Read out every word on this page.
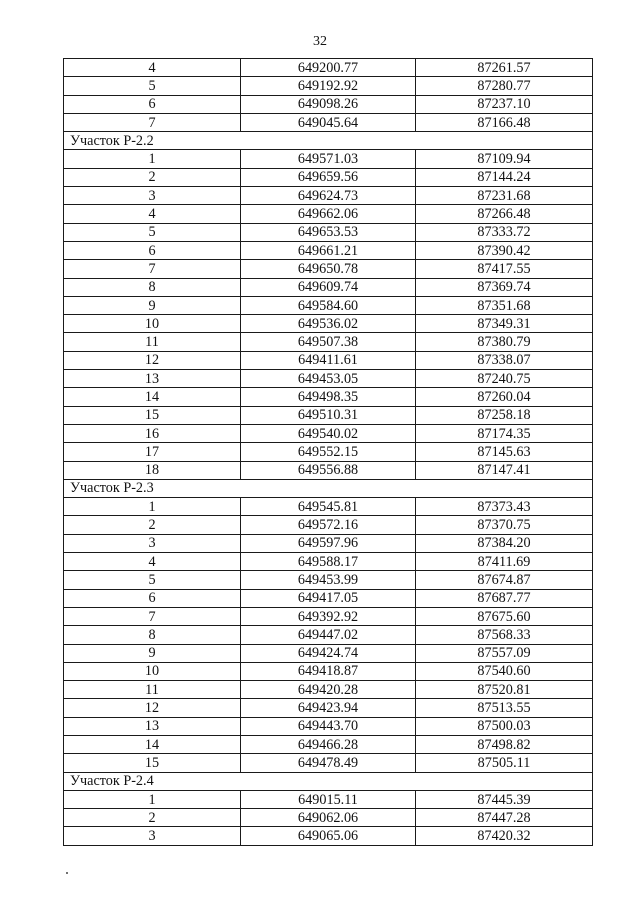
32
4	649200.77	87261.57
5	649192.92	87280.77
6	649098.26	87237.10
7	649045.64	87166.48
Участок Р-2.2		
1	649571.03	87109.94
2	649659.56	87144.24
3	649624.73	87231.68
4	649662.06	87266.48
5	649653.53	87333.72
6	649661.21	87390.42
7	649650.78	87417.55
8	649609.74	87369.74
9	649584.60	87351.68
10	649536.02	87349.31
11	649507.38	87380.79
12	649411.61	87338.07
13	649453.05	87240.75
14	649498.35	87260.04
15	649510.31	87258.18
16	649540.02	87174.35
17	649552.15	87145.63
18	649556.88	87147.41
Участок Р-2.3		
1	649545.81	87373.43
2	649572.16	87370.75
3	649597.96	87384.20
4	649588.17	87411.69
5	649453.99	87674.87
6	649417.05	87687.77
7	649392.92	87675.60
8	649447.02	87568.33
9	649424.74	87557.09
10	649418.87	87540.60
11	649420.28	87520.81
12	649423.94	87513.55
13	649443.70	87500.03
14	649466.28	87498.82
15	649478.49	87505.11
Участок Р-2.4		
1	649015.11	87445.39
2	649062.06	87447.28
3	649065.06	87420.32
